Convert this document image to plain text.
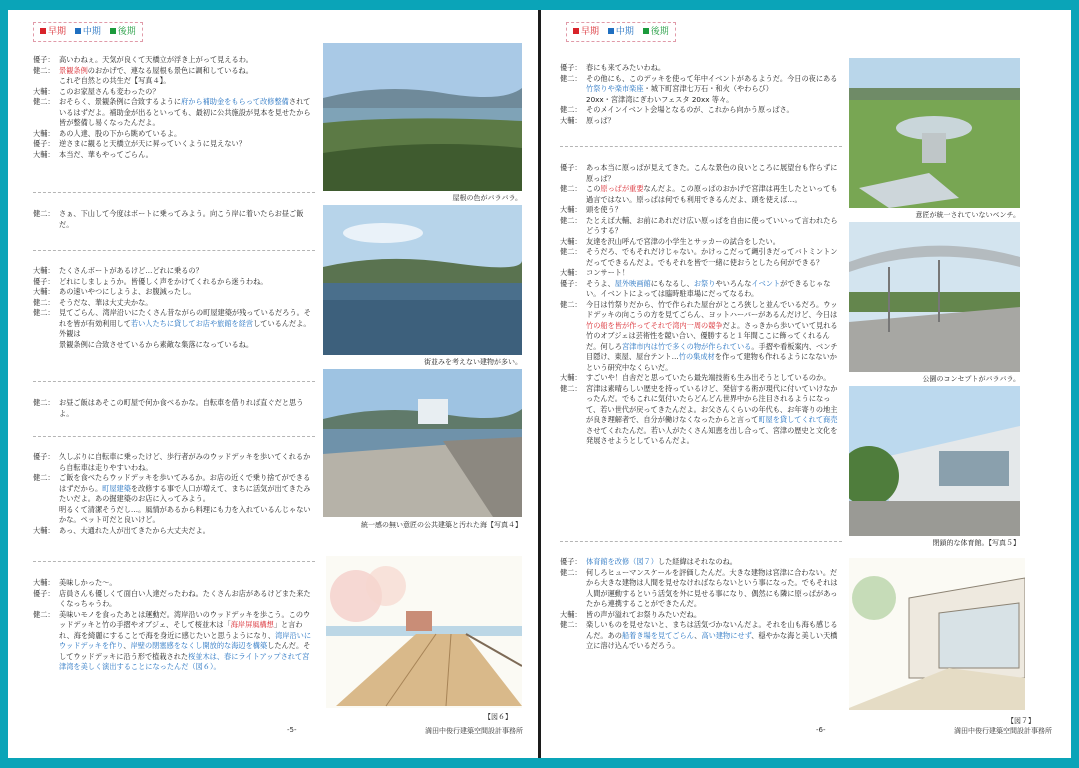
早期 中期 後期
優子： 高いわねぇ。天気が良くて天橋立が浮き上がって見えるわ。
健二： 景観条例のおかげで、連なる屋根も景色に調和しているね。
これぞ自然との共生だ【写真４】。
大輔： このお家屋さんも変わったの？
健二： おそらく、景観条例に合致するように府から補助金をもらって改修整備されているはずだよ。補助金が出るといっても、最初に公共施設が見本を見せたから皆が整備し易くなったんだよ。
大輔： あの人達、股の下から眺めているよ。
優子： 逆さまに観ると天橋立が天に昇っていくように見えない？
大輔： 本当だ、華もやってごらん。
健二： さぁ、下山して今度はボートに乗ってみよう。向こう岸に着いたらお昼ご飯だ。
大輔： たくさんボートがあるけど…どれに乗るの？
優子： どれにしましょうか。皆優しく声をかけてくれるから迷うわね。
大輔： あの速いやつにしようよ、お腹減ったし。
健二： そうだな、華は大丈夫かな。
健二： 見てごらん、湾岸沿いにたくさん昔ながらの町屋建築が残っているだろう。それを皆が有効利用して若い人たちに貸してお店や旅館を経営しているんだよ。外観は
景観条例に合致させているから素敵な集落になっているね。
健二： お昼ご飯はあそこの町屋で何か食べるかな。自転車を借りれば直ぐだと思うよ。
優子： 久しぶりに自転車に乗ったけど、歩行者がみのウッドデッキを歩いてくれるから自転車は走りやすいわね。
健二： ご飯を食べたらウッドデッキを歩いてみるか。お店の近くで乗り捨てができるはずだから。町屋建築を改修する事で人口が増えて、まちに活気が出てきたみたいだよ。あの掘建築のお店に入ってみよう。
明るくて清潔そうだし…。風情があるから料理にも力を入れているんじゃないかな。ペット可だと良いけど。
大輔： あっ、大通れた人が出てきたから大丈夫だよ。
大輔： 美味しかった〜。
優子： 店員さんも優しくて面白い人達だったわね。たくさんお店があるけどまた来たくなっちゃうわ。
健二： 美味いモノを食ったあとは運動だ。湾岸沿いのウッドデッキを歩こう。このウッドデッキと竹の手摺やオブジェ、そして桜並木は「海岸屏風構想」と言われ、海を綺麗にすることで海を身近に感じたいと思うようになり、湾岸沿いにウッドデッキを作り、岸壁の閉塞感をなくし開放的な海辺を構築したんだ。そしてウッドデッキに沿う形で植栽された桜並木は、春にライトアップされて宮津湾を美しく演出することになったんだ（図６）。
屋根の色がバラバラ。
街並みを考えない建物が多い。
統一感の無い意匠の公共建築と汚れた海【写真４】
【図６】
-5-	満田中俊行建築空間設計事務所
早期 中期 後期
優子： 春にも来てみたいわね。
健二： その他にも、このデッキを使って年中イベントがあるようだ。今日の夜にある竹祭りや楽市楽座・城下町宮津七万石・和火（やわらび）
20xx・宮津湾にぎわいフェスタ 20xx 等々。
健二： そのメインイベント会場となるのが、これから向かう原っぱさ。
大輔： 原っぱ？
優子： あっ本当に原っぱが見えてきた。こんな景色の良いところに展望台も作らずに原っぱ？
健二： この原っぱが重要なんだよ。この原っぱのおかげで宮津は再生したといっても過言ではない。原っぱは何でも利用できるんだよ、頭を使えば…。
大輔： 頭を使う？
健二： たとえば大輔、お前にあれだけ広い原っぱを自由に使っていいって言われたらどうする？
大輔： 友達を沢山呼んで宮津の小学生とサッカーの試合をしたい。
健二： そうだろ、でもそれだけじゃない。かけっこだって縄引きだってバトミントンだってできるんだよ。でもそれを皆で一緒に使おうとしたら何ができる？
大輔： コンサート！
優子： そうよ、屋外映画館にもなるし、お祭りやいろんなイベントができるじゃない。イベントによっては臨時駐車場にだってなるわ。
健二： 今日は竹祭りだから、竹で作られた屋台がところ狭しと並んでいるだろ。ウッドデッキの向こうの方を見てごらん、ヨットハーバーがあるんだけど、今日は竹の船を皆が作ってそれで湾内一周の競争だよ。さっきから歩いていて見れる竹のオブジェは芸術性を競い合い、優勝すると１年間ここに飾ってくれるんだ。何しろ宮津市内は竹で多くの物が作られている。手摺や看板案内、ベンチ目隠け、東屋、屋台テント…竹の集成材を作って建物も作れるようになないかという研究中なくらいだ。
大輔： すごいや！自舎だと思っていたら最先端技術も生み出そうとしているのか。
健二： 宮津は素晴らしい歴史を持っているけど、発信する術が現代に付いていけなかったんだ。でもこれに気付いたらどんどん世界中から注目されるようになって、若い世代が戻ってきたんだよ。お父さんくらいの年代も、お年寄りの地主が良き理解者で、自分が働けなくなったからと言って町屋を貸してくれて商売させてくれたんだ。若い人がたくさん知恵を出し合って、宮津の歴史と文化を発展させようとしているんだよ。
優子： 体育館を改修（図７）した経緯はそれなのね。
健二： 何しろヒューマンスケールを評価したんだ。大きな建物は宮津に合わない。だから大きな建物は人間を見せなければならないという事になった。でもそれは人間が運動するという活気を外に見せる事になり、偶然にも隣に原っぱがあったから連携することができたんだ。
大輔： 皆の声が溢れてお祭りみたいだね。
健二： 楽しいものを見せないと、まちは活気づかないんだよ。それを山も海も感じるんだ。あの船着き場を見てごらん、高い建物にせず、穏やかな海と美しい天橋立に溶け込んでいるだろう。
意匠が統一されていないベンチ。
公園のコンセプトがバラバラ。
閉鎖的な体育館。【写真５】
【図７】
-6-	満田中俊行建築空間設計事務所
